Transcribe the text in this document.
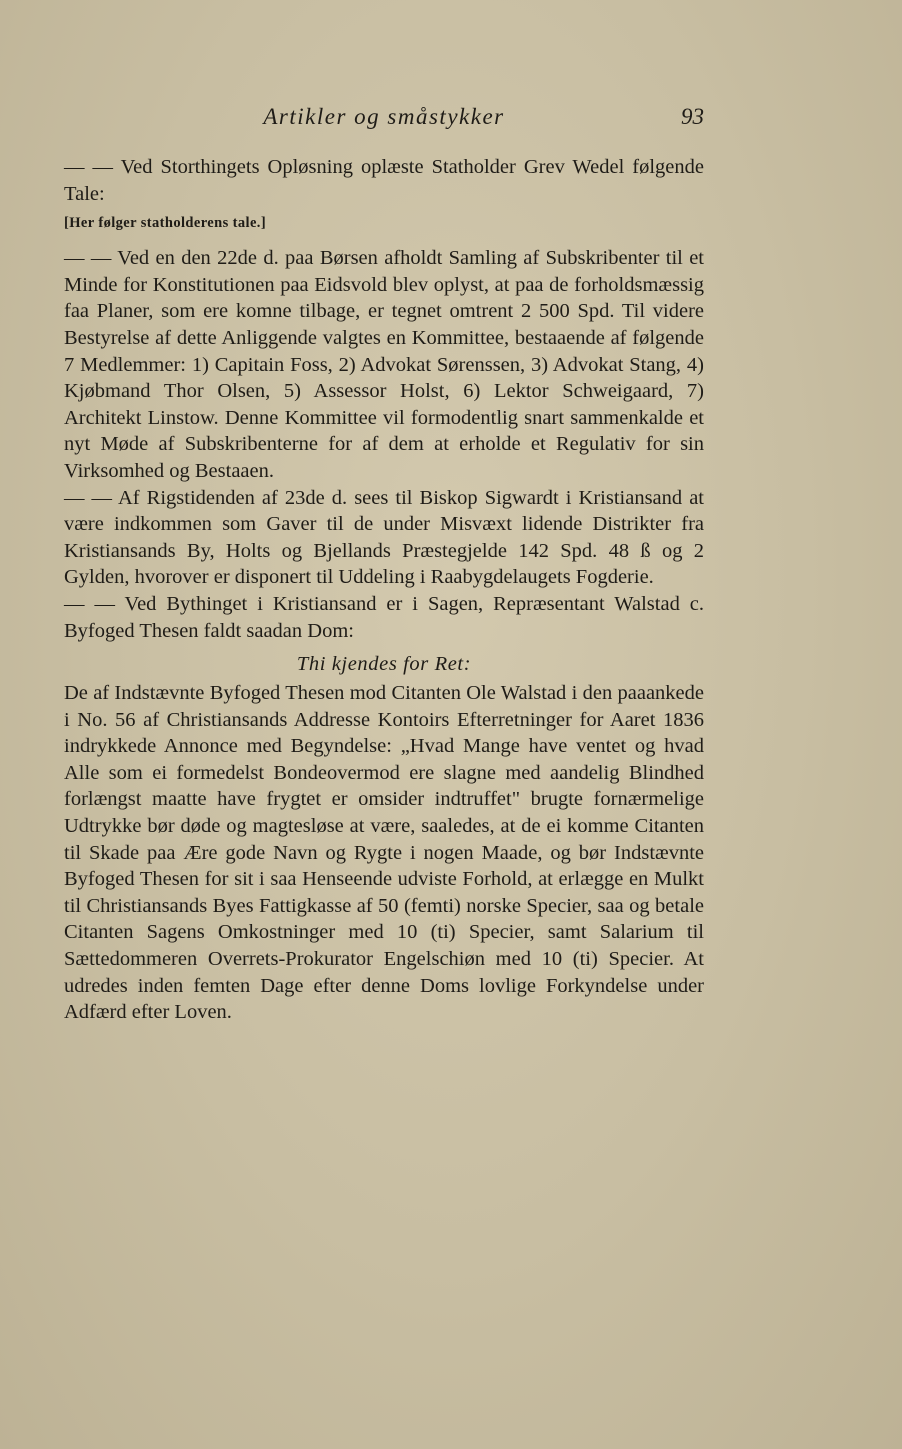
Artikler og småstykker	93

— — Ved Storthingets Opløsning oplæste Statholder Grev Wedel følgende Tale:

[Her følger statholderens tale.]

— — Ved en den 22de d. paa Børsen afholdt Samling af Subskribenter til et Minde for Konstitutionen paa Eidsvold blev oplyst, at paa de forholdsmæssig faa Planer, som ere komne tilbage, er tegnet omtrent 2 500 Spd. Til videre Bestyrelse af dette Anliggende valgtes en Kommittee, bestaaende af følgende 7 Medlemmer: 1) Capitain Foss, 2) Advokat Sørenssen, 3) Advokat Stang, 4) Kjøbmand Thor Olsen, 5) Assessor Holst, 6) Lektor Schweigaard, 7) Architekt Linstow. Denne Kommittee vil formodentlig snart sammenkalde et nyt Møde af Subskribenterne for af dem at erholde et Regulativ for sin Virksomhed og Bestaaen.

— — Af Rigstidenden af 23de d. sees til Biskop Sigwardt i Kristiansand at være indkommen som Gaver til de under Misvæxt lidende Distrikter fra Kristiansands By, Holts og Bjellands Præstegjelde 142 Spd. 48 ß og 2 Gylden, hvorover er disponert til Uddeling i Raabygdelaugets Fogderie.

— — Ved Bythinget i Kristiansand er i Sagen, Repræsentant Walstad c. Byfoged Thesen faldt saadan Dom:

Thi kjendes for Ret:

De af Indstævnte Byfoged Thesen mod Citanten Ole Walstad i den paaankede i No. 56 af Christiansands Addresse Kontoirs Efterretninger for Aaret 1836 indrykkede Annonce med Begyndelse: „Hvad Mange have ventet og hvad Alle som ei formedelst Bondeovermod ere slagne med aandelig Blindhed forlængst maatte have frygtet er omsider indtruffet" brugte fornærmelige Udtrykke bør døde og magtesløse at være, saaledes, at de ei komme Citanten til Skade paa Ære gode Navn og Rygte i nogen Maade, og bør Indstævnte Byfoged Thesen for sit i saa Henseende udviste Forhold, at erlægge en Mulkt til Christiansands Byes Fattigkasse af 50 (femti) norske Specier, saa og betale Citanten Sagens Omkostninger med 10 (ti) Specier, samt Salarium til Sættedommeren Overrets-Prokurator Engelschiøn med 10 (ti) Specier. At udredes inden femten Dage efter denne Doms lovlige Forkyndelse under Adfærd efter Loven.
